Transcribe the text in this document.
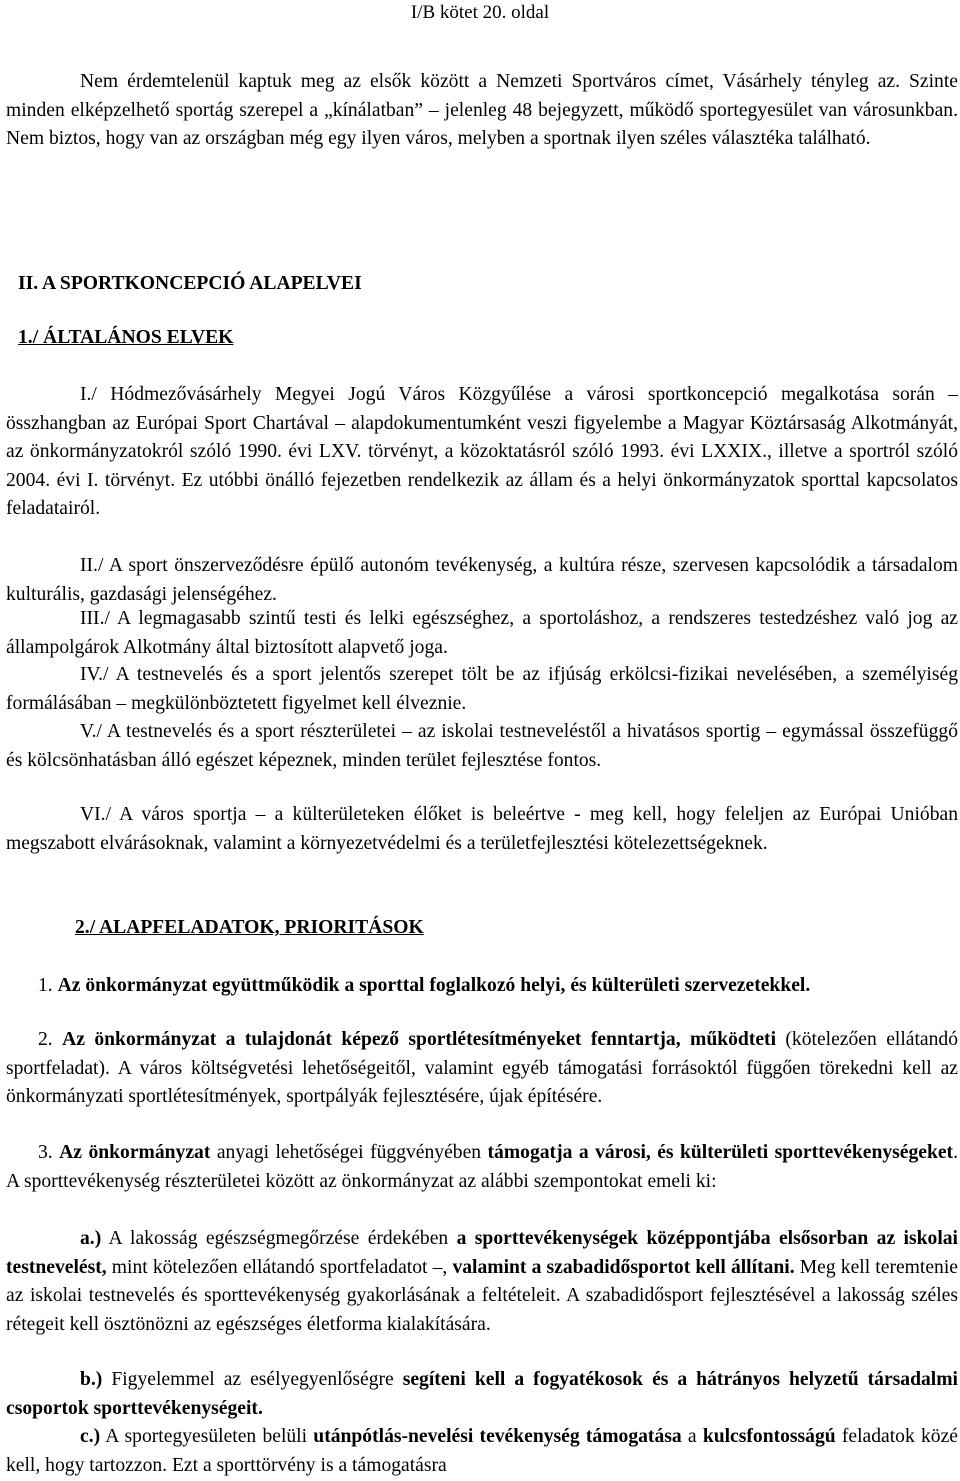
I/B kötet 20. oldal
Nem érdemtelenül kaptuk meg az elsők között a Nemzeti Sportváros címet, Vásárhely tényleg az. Szinte minden elképzelhető sportág szerepel a „kínálatban” – jelenleg 48 bejegyzett, működő sportegyesület van városunkban. Nem biztos, hogy van az országban még egy ilyen város, melyben a sportnak ilyen széles választéka található.
II. A SPORTKONCEPCIÓ ALAPELVEI
1./ ÁLTALÁNOS ELVEK
I./ Hódmezővásárhely Megyei Jogú Város Közgyűlése a városi sportkoncepció megalkotása során – összhangban az Európai Sport Chartával – alapdokumentumként veszi figyelembe a Magyar Köztársaság Alkotmányát, az önkormányzatokról szóló 1990. évi LXV. törvényt, a közoktatásról szóló 1993. évi LXXIX., illetve a sportról szóló 2004. évi I. törvényt. Ez utóbbi önálló fejezetben rendelkezik az állam és a helyi önkormányzatok sporttal kapcsolatos feladatairól.
II./ A sport önszerveződésre épülő autonóm tevékenység, a kultúra része, szervesen kapcsolódik a társadalom kulturális, gazdasági jelenségéhez.
III./ A legmagasabb szintű testi és lelki egészséghez, a sportoláshoz, a rendszeres testedzéshez való jog az állampolgárok Alkotmány által biztosított alapvető joga.
IV./ A testnevelés és a sport jelentős szerepet tölt be az ifjúság erkölcsi-fizikai nevelésében, a személyiség formálásában – megkülönböztetett figyelmet kell élveznie.
V./ A testnevelés és a sport részterületei – az iskolai testneveléstől a hivatásos sportig – egymással összefüggő és kölcsönhatásban álló egészet képeznek, minden terület fejlesztése fontos.
VI./ A város sportja – a külterületeken élőket is beleértve - meg kell, hogy feleljen az Európai Unióban megszabott elvárásoknak, valamint a környezetvédelmi és a területfejlesztési kötelezettségeknek.
2./ ALAPFELADATOK, PRIORITÁSOK
1. Az önkormányzat együttműködik a sporttal foglalkozó helyi, és külterületi szervezetekkel.
2. Az önkormányzat a tulajdonát képező sportlétesítményeket fenntartja, működteti (kötelezően ellátandó sportfeladat). A város költségvetési lehetőségeitől, valamint egyéb támogatási forrásoktól függően törekedni kell az önkormányzati sportlétesítmények, sportpályák fejlesztésére, újak építésére.
3. Az önkormányzat anyagi lehetőségei függvényében támogatja a városi, és külterületi sporttevékenységeket. A sporttevékenység részterületei között az önkormányzat az alábbi szempontokat emeli ki:
a.) A lakosság egészségmegőrzése érdekében a sporttevékenységek középpontjába elsősorban az iskolai testnevelést, mint kötelezően ellátandó sportfeladatot –, valamint a szabadidősportot kell állítani. Meg kell teremtenie az iskolai testnevelés és sporttevékenység gyakorlásának a feltételeit. A szabadidősport fejlesztésével a lakosság széles rétegeit kell ösztönözni az egészséges életforma kialakítására.
b.) Figyelemmel az esélyegyenlőségre segíteni kell a fogyatékosok és a hátrányos helyzetű társadalmi csoportok sporttevékenységeit.
c.) A sportegyesületen belüli utánpótlás-nevelési tevékenység támogatása a kulcsfontosságú feladatok közé kell, hogy tartozzon. Ezt a sporttörvény is a támogatásra
